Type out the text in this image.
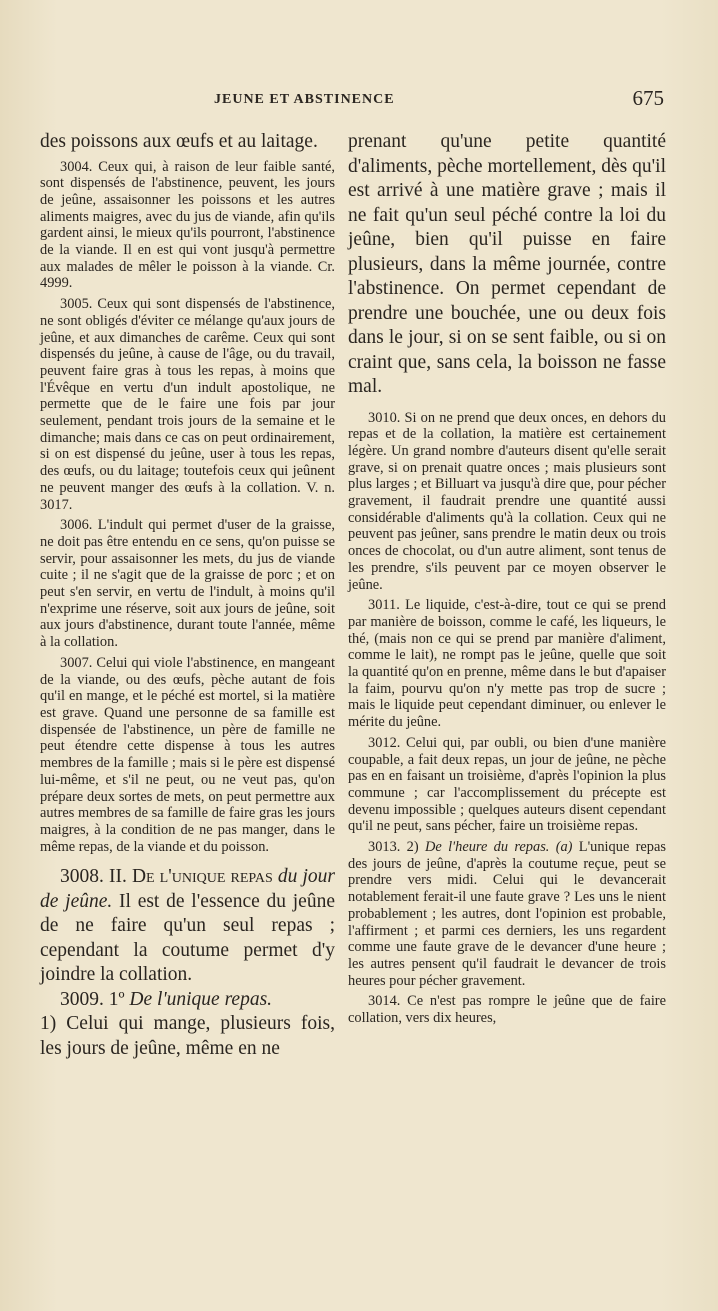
JEUNE ET ABSTINENCE	675

des poissons aux œufs et au laitage.

3004. Ceux qui, à raison de leur faible santé, sont dispensés de l'abstinence, peuvent, les jours de jeûne, assaisonner les poissons et les autres aliments maigres, avec du jus de viande, afin qu'ils gardent ainsi, le mieux qu'ils pourront, l'abstinence de la viande. Il en est qui vont jusqu'à permettre aux malades de mêler le poisson à la viande. Cr. 4999.

3005. Ceux qui sont dispensés de l'abstinence, ne sont obligés d'éviter ce mélange qu'aux jours de jeûne, et aux dimanches de carême. Ceux qui sont dispensés du jeûne, à cause de l'âge, ou du travail, peuvent faire gras à tous les repas, à moins que l'Évêque en vertu d'un indult apostolique, ne permette que de le faire une fois par jour seulement, pendant trois jours de la semaine et le dimanche; mais dans ce cas on peut ordinairement, si on est dispensé du jeûne, user à tous les repas, des œufs, ou du laitage; toutefois ceux qui jeûnent ne peuvent manger des œufs à la collation. V. n. 3017.

3006. L'indult qui permet d'user de la graisse, ne doit pas être entendu en ce sens, qu'on puisse se servir, pour assaisonner les mets, du jus de viande cuite ; il ne s'agit que de la graisse de porc ; et on peut s'en servir, en vertu de l'indult, à moins qu'il n'exprime une réserve, soit aux jours de jeûne, soit aux jours d'abstinence, durant toute l'année, même à la collation.

3007. Celui qui viole l'abstinence, en mangeant de la viande, ou des œufs, pèche autant de fois qu'il en mange, et le péché est mortel, si la matière est grave. Quand une personne de sa famille est dispensée de l'abstinence, un père de famille ne peut étendre cette dispense à tous les autres membres de la famille ; mais si le père est dispensé lui-même, et s'il ne peut, ou ne veut pas, qu'on prépare deux sortes de mets, on peut permettre aux autres membres de sa famille de faire gras les jours maigres, à la condition de ne pas manger, dans le même repas, de la viande et du poisson.

3008. II. De l'unique repas du jour de jeûne. Il est de l'essence du jeûne de ne faire qu'un seul repas ; cependant la coutume permet d'y joindre la collation.

3009. 1º De l'unique repas.
1) Celui qui mange, plusieurs fois, les jours de jeûne, même en ne

prenant qu'une petite quantité d'aliments, pèche mortellement, dès qu'il est arrivé à une matière grave ; mais il ne fait qu'un seul péché contre la loi du jeûne, bien qu'il puisse en faire plusieurs, dans la même journée, contre l'abstinence. On permet cependant de prendre une bouchée, une ou deux fois dans le jour, si on se sent faible, ou si on craint que, sans cela, la boisson ne fasse mal.

3010. Si on ne prend que deux onces, en dehors du repas et de la collation, la matière est certainement légère. Un grand nombre d'auteurs disent qu'elle serait grave, si on prenait quatre onces ; mais plusieurs sont plus larges ; et Billuart va jusqu'à dire que, pour pécher gravement, il faudrait prendre une quantité aussi considérable d'aliments qu'à la collation. Ceux qui ne peuvent pas jeûner, sans prendre le matin deux ou trois onces de chocolat, ou d'un autre aliment, sont tenus de les prendre, s'ils peuvent par ce moyen observer le jeûne.

3011. Le liquide, c'est-à-dire, tout ce qui se prend par manière de boisson, comme le café, les liqueurs, le thé, (mais non ce qui se prend par manière d'aliment, comme le lait), ne rompt pas le jeûne, quelle que soit la quantité qu'on en prenne, même dans le but d'apaiser la faim, pourvu qu'on n'y mette pas trop de sucre ; mais le liquide peut cependant diminuer, ou enlever le mérite du jeûne.

3012. Celui qui, par oubli, ou bien d'une manière coupable, a fait deux repas, un jour de jeûne, ne pèche pas en en faisant un troisième, d'après l'opinion la plus commune ; car l'accomplissement du précepte est devenu impossible ; quelques auteurs disent cependant qu'il ne peut, sans pécher, faire un troisième repas.

3013. 2) De l'heure du repas. (a) L'unique repas des jours de jeûne, d'après la coutume reçue, peut se prendre vers midi. Celui qui le devancerait notablement ferait-il une faute grave ? Les uns le nient probablement ; les autres, dont l'opinion est probable, l'affirment ; et parmi ces derniers, les uns regardent comme une faute grave de le devancer d'une heure ; les autres pensent qu'il faudrait le devancer de trois heures pour pécher gravement.

3014. Ce n'est pas rompre le jeûne que de faire collation, vers dix heures,
